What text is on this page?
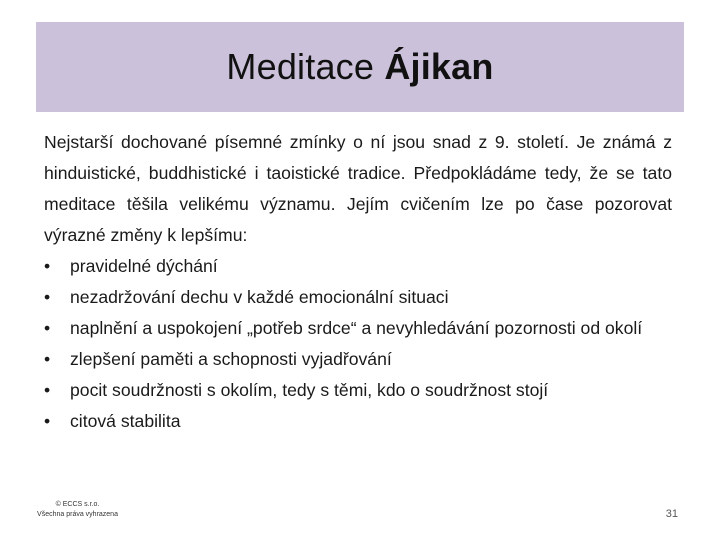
Meditace Ájikan

Nejstarší dochované písemné zmínky o ní jsou snad z 9. století. Je známá z hinduistické, buddhistické i taoistické tradice. Předpokládáme tedy, že se tato meditace těšila velikému významu. Jejím cvičením lze po čase pozorovat výrazné změny k lepšímu:

•	pravidelné dýchání
•	nezadržování dechu v každé emocionální situaci
•	naplnění a uspokojení „potřeb srdce“ a nevyhledávání pozornosti od okolí
•	zlepšení paměti a schopnosti vyjadřování
•	pocit soudržnosti s okolím, tedy s těmi, kdo o soudržnost stojí
•	citová stabilita
© ECCS s.r.o.
Všechna práva vyhrazena	31
